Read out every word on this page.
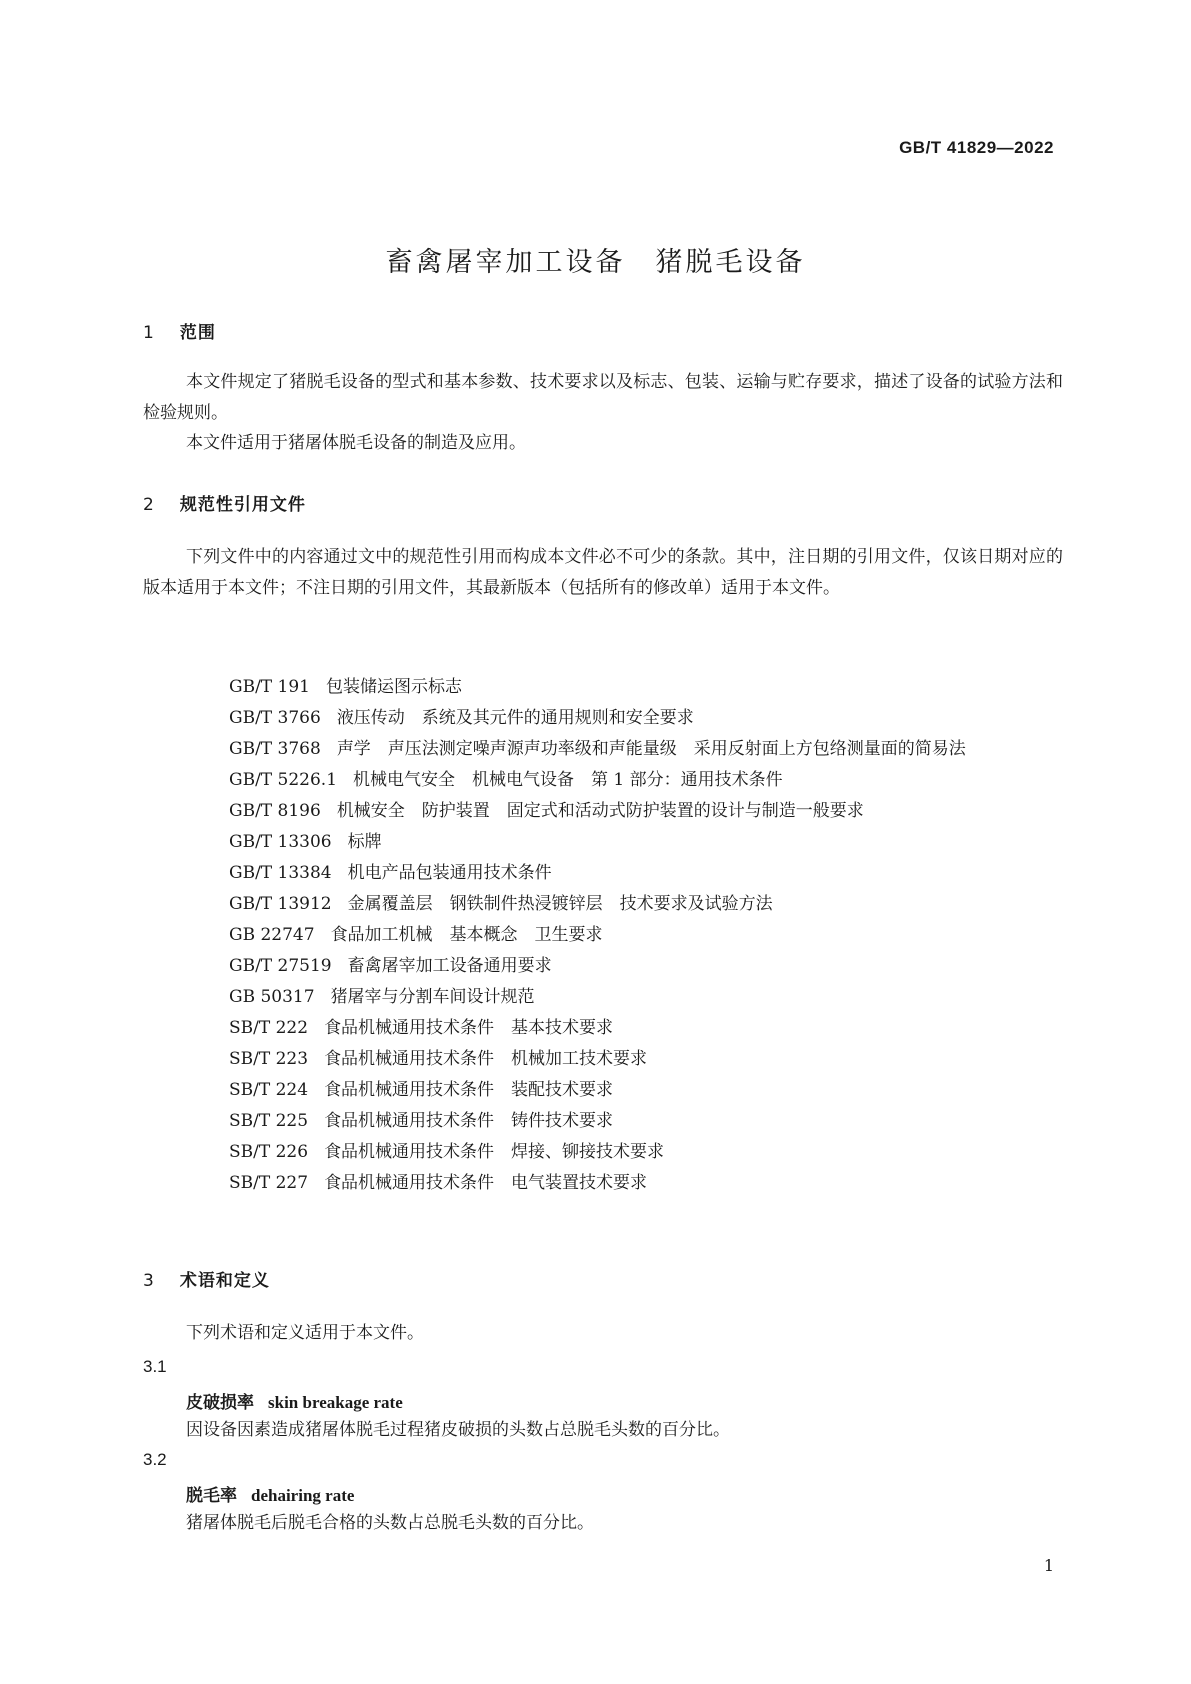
GB/T 41829—2022
畜禽屠宰加工设备　猪脱毛设备
1 范围

本文件规定了猪脱毛设备的型式和基本参数、技术要求以及标志、包装、运输与贮存要求，描述了设备的试验方法和检验规则。

本文件适用于猪屠体脱毛设备的制造及应用。

2 规范性引用文件

下列文件中的内容通过文中的规范性引用而构成本文件必不可少的条款。其中，注日期的引用文件，仅该日期对应的版本适用于本文件；不注日期的引用文件，其最新版本（包括所有的修改单）适用于本文件。

GB/T 191 包装储运图示标志
GB/T 3766 液压传动　系统及其元件的通用规则和安全要求
GB/T 3768 声学　声压法测定噪声源声功率级和声能量级　采用反射面上方包络测量面的简易法
GB/T 5226.1 机械电气安全　机械电气设备　第 1 部分：通用技术条件
GB/T 8196 机械安全　防护装置　固定式和活动式防护装置的设计与制造一般要求
GB/T 13306 标牌
GB/T 13384 机电产品包装通用技术条件
GB/T 13912 金属覆盖层　钢铁制件热浸镀锌层　技术要求及试验方法
GB 22747 食品加工机械　基本概念　卫生要求
GB/T 27519 畜禽屠宰加工设备通用要求
GB 50317 猪屠宰与分割车间设计规范
SB/T 222 食品机械通用技术条件　基本技术要求
SB/T 223 食品机械通用技术条件　机械加工技术要求
SB/T 224 食品机械通用技术条件　装配技术要求
SB/T 225 食品机械通用技术条件　铸件技术要求
SB/T 226 食品机械通用技术条件　焊接、铆接技术要求
SB/T 227 食品机械通用技术条件　电气装置技术要求
3 术语和定义

下列术语和定义适用于本文件。

3.1
皮破损率 skin breakage rate
因设备因素造成猪屠体脱毛过程猪皮破损的头数占总脱毛头数的百分比。
3.2
脱毛率 dehairing rate
猪屠体脱毛后脱毛合格的头数占总脱毛头数的百分比。
1
